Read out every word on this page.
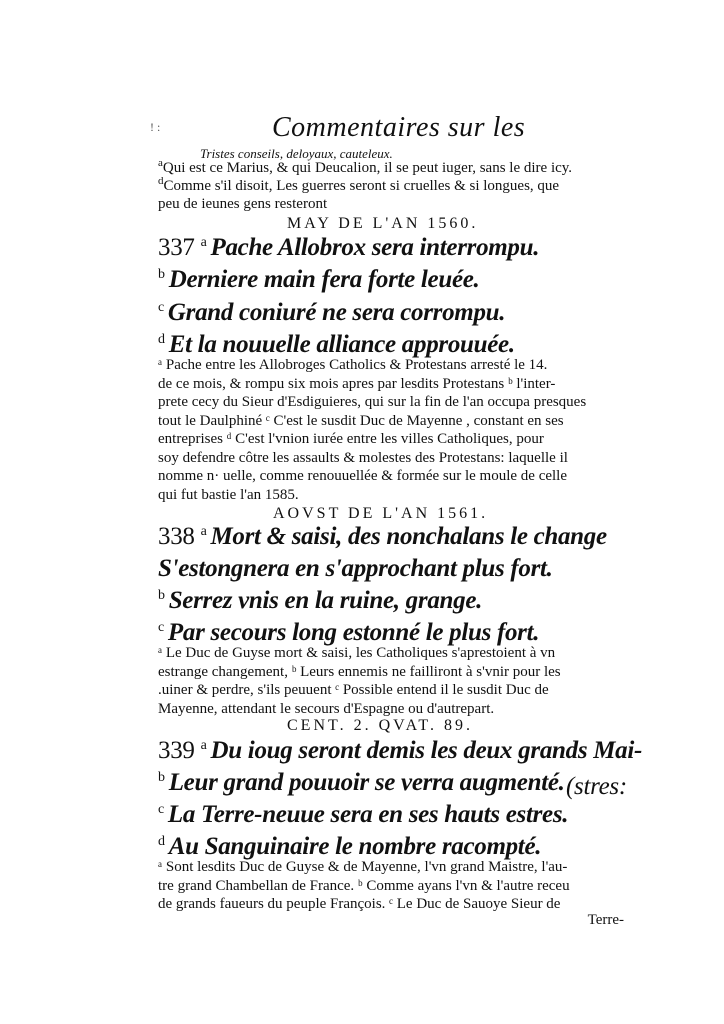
! :	Commentaires sur les
Tristes conseils, deloyaux, cauteleux.
$^a$Qui est ce Marius, & qui Deucalion, il se peut iuger, sans le dire icy.
$^d$Comme s'il disoit, Les guerres seront si cruelles & si longues, que
peu de ieunes gens resteront
MAY DE L'AN 1560.
337 $^a$ Pache Allobrox sera interrompu.
$^b$ Derniere main fera forte leuée.
$^c$ Grand coniuré ne sera corrompu.
$^d$ Et la nouuelle alliance approuuée.

ᵃ Pache entre les Allobroges Catholics & Protestans arresté le 14.

de ce mois, & rompu six mois apres par lesdits Protestans ᵇ l'inter-

prete cecy du Sieur d'Esdiguieres, qui sur la fin de l'an occupa presques

tout le Daulphiné ᶜ C'est le susdit Duc de Mayenne , constant en ses

entreprises ᵈ C'est l'vnion iurée entre les villes Catholiques, pour

soy defendre côtre les assaults & molestes des Protestans: laquelle il

nomme n· uelle, comme renouuellée & formée sur le moule de celle

qui fut bastie l'an 1585.

AOVST DE L'AN 1561.
338 $^a$ Mort & saisi, des nonchalans le change
S'estongnera en s'approchant plus fort.
$^b$ Serrez vnis en la ruine, grange.
$^c$ Par secours long estonné le plus fort.

ᵃ Le Duc de Guyse mort & saisi, les Catholiques s'aprestoient à vn

estrange changement, ᵇ Leurs ennemis ne failliront à s'vnir pour les

.uiner & perdre, s'ils peuuent ᶜ Possible entend il le susdit Duc de

Mayenne, attendant le secours d'Espagne ou d'autrepart.

CENT. 2. QVAT. 89.
339 $^a$ Du ioug seront demis les deux grands Mai-
$^b$ Leur grand pouuoir se verra augmenté. (stres:
$^c$ La Terre-neuue sera en ses hauts estres.
$^d$ Au Sanguinaire le nombre racompté.

ᵃ Sont lesdits Duc de Guyse & de Mayenne, l'vn grand Maistre, l'au-

tre grand Chambellan de France. ᵇ Comme ayans l'vn & l'autre receu

de grands faueurs du peuple François. ᶜ Le Duc de Sauoye Sieur de

Terre-
